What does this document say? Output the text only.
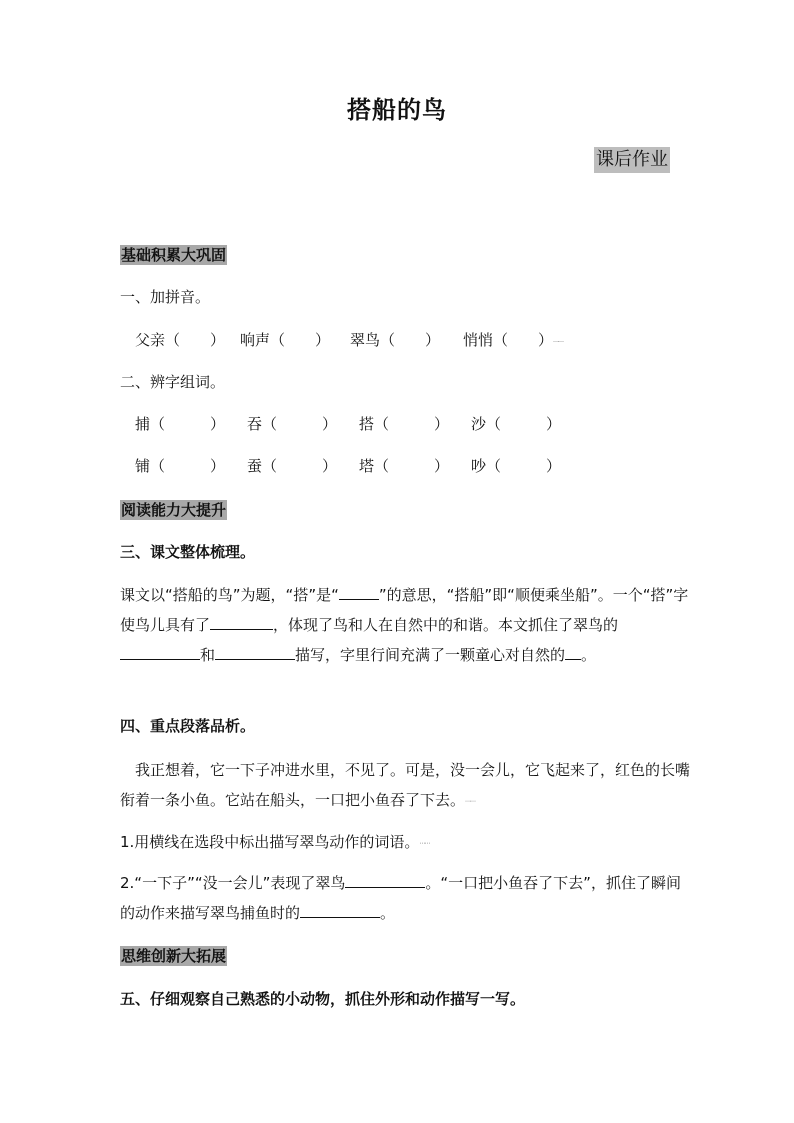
搭船的鸟
课后作业
基础积累大巩固
一、加拼音。
父亲（　　） 响声（　　） 翠鸟（　　） 悄悄（　　）……
二、辨字组词。
捕（　　　） 吞（　　　） 搭（　　　） 沙（　　　）
铺（　　　） 蚕（　　　） 塔（　　　） 吵（　　　）
阅读能力大提升
三、课文整体梳理。
课文以“搭船的鸟”为题，“搭”是“	”的意思，“搭船”即“顺便乘坐船”。一个“搭”字使鸟儿具有了	，体现了鸟和人在自然中的和谐。本文抓住了翠鸟的和	描写，字里行间充满了一颗童心对自然的 。
四、重点段落品析。
我正想着，它一下子冲进水里，不见了。可是，没一会儿，它飞起来了，红色的长嘴衔着一条小鱼。它站在船头，一口把小鱼吞了下去。……
1.用横线在选段中标出描写翠鸟动作的词语。……
2.“一下子”“没一会儿”表现了翠鸟	。“一口把小鱼吞了下去”，抓住了瞬间的动作来描写翠鸟捕鱼时的	。
思维创新大拓展
五、仔细观察自己熟悉的小动物，抓住外形和动作描写一写。
